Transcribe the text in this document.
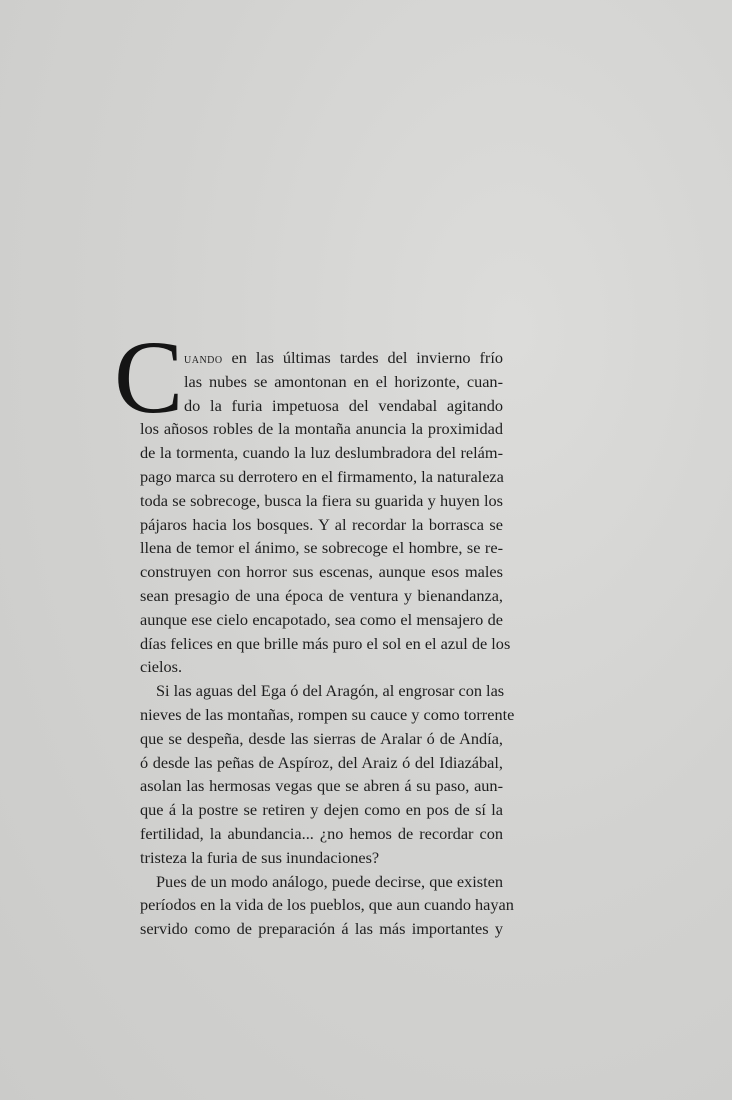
C uando en las últimas tardes del invierno frío
las nubes se amontonan en el horizonte, cuan-
do la furia impetuosa del vendabal agitando
los añosos robles de la montaña anuncia la proximidad
de la tormenta, cuando la luz deslumbradora del relám-
pago marca su derrotero en el firmamento, la naturaleza
toda se sobrecoge, busca la fiera su guarida y huyen los
pájaros hacia los bosques. Y al recordar la borrasca se
llena de temor el ánimo, se sobrecoge el hombre, se re-
construyen con horror sus escenas, aunque esos males
sean presagio de una época de ventura y bienandanza,
aunque ese cielo encapotado, sea como el mensajero de
días felices en que brille más puro el sol en el azul de los
cielos.
Si las aguas del Ega ó del Aragón, al engrosar con las
nieves de las montañas, rompen su cauce y como torrente
que se despeña, desde las sierras de Aralar ó de Andía,
ó desde las peñas de Aspíroz, del Araiz ó del Idiazábal,
asolan las hermosas vegas que se abren á su paso, aun-
que á la postre se retiren y dejen como en pos de sí la
fertilidad, la abundancia... ¿no hemos de recordar con
tristeza la furia de sus inundaciones?
Pues de un modo análogo, puede decirse, que existen
períodos en la vida de los pueblos, que aun cuando hayan
servido como de preparación á las más importantes y
